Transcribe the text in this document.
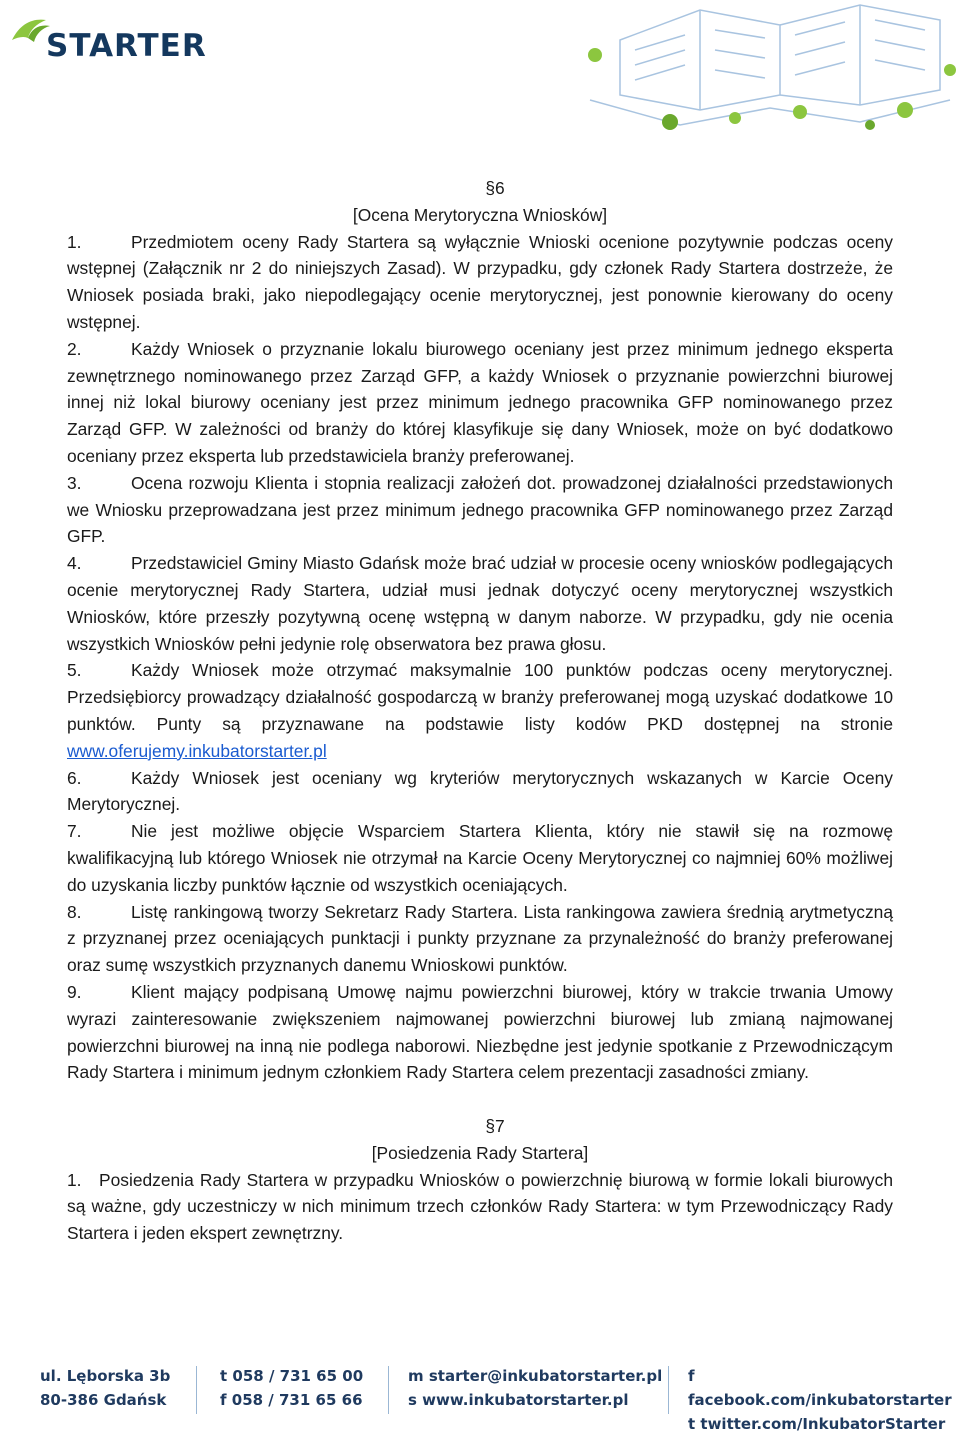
STARTER
§6
[Ocena Merytoryczna Wniosków]

1.	Przedmiotem oceny Rady Startera są wyłącznie Wnioski ocenione pozytywnie podczas oceny wstępnej (Załącznik nr 2 do niniejszych Zasad). W przypadku, gdy członek Rady Startera dostrzeże, że Wniosek posiada braki, jako niepodlegający ocenie merytorycznej, jest ponownie kierowany do oceny wstępnej.

2.	Każdy Wniosek o przyznanie lokalu biurowego oceniany jest przez minimum jednego eksperta zewnętrznego nominowanego przez Zarząd GFP, a każdy Wniosek o przyznanie powierzchni biurowej innej niż lokal biurowy oceniany jest przez minimum jednego pracownika GFP nominowanego przez Zarząd GFP. W zależności od branży do której klasyfikuje się dany Wniosek, może on być dodatkowo oceniany przez eksperta lub przedstawiciela branży preferowanej.

3.	Ocena rozwoju Klienta i stopnia realizacji założeń dot. prowadzonej działalności przedstawionych we Wniosku przeprowadzana jest przez minimum jednego pracownika GFP nominowanego przez Zarząd GFP.

4.	Przedstawiciel Gminy Miasto Gdańsk może brać udział w procesie oceny wniosków podlegających ocenie merytorycznej Rady Startera, udział musi jednak dotyczyć oceny merytorycznej wszystkich Wniosków, które przeszły pozytywną ocenę wstępną w danym naborze. W przypadku, gdy nie ocenia wszystkich Wniosków pełni jedynie rolę obserwatora bez prawa głosu.

5.	Każdy Wniosek może otrzymać maksymalnie 100 punktów podczas oceny merytorycznej. Przedsiębiorcy prowadzący działalność gospodarczą w branży preferowanej mogą uzyskać dodatkowe 10 punktów. Punty są przyznawane na podstawie listy kodów PKD dostępnej na stronie www.oferujemy.inkubatorstarter.pl

6.	Każdy Wniosek jest oceniany wg kryteriów merytorycznych wskazanych w Karcie Oceny Merytorycznej.

7.	Nie jest możliwe objęcie Wsparciem Startera Klienta, który nie stawił się na rozmowę kwalifikacyjną lub którego Wniosek nie otrzymał na Karcie Oceny Merytorycznej co najmniej 60% możliwej do uzyskania liczby punktów łącznie od wszystkich oceniających.

8.	Listę rankingową tworzy Sekretarz Rady Startera. Lista rankingowa zawiera średnią arytmetyczną z przyznanej przez oceniających punktacji i punkty przyznane za przynależność do branży preferowanej oraz sumę wszystkich przyznanych danemu Wnioskowi punktów.

9.	Klient mający podpisaną Umowę najmu powierzchni biurowej, który w trakcie trwania Umowy wyrazi zainteresowanie zwiększeniem najmowanej powierzchni biurowej lub zmianą najmowanej powierzchni biurowej na inną nie podlega naborowi. Niezbędne jest jedynie spotkanie z Przewodniczącym Rady Startera i minimum jednym członkiem Rady Startera celem prezentacji zasadności zmiany.

§7
[Posiedzenia Rady Startera]

1. Posiedzenia Rady Startera w przypadku Wniosków o powierzchnię biurową w formie lokali biurowych są ważne, gdy uczestniczy w nich minimum trzech członków Rady Startera: w tym Przewodniczący Rady Startera i jeden ekspert zewnętrzny.

ul. Lęborska 3b
80-386 Gdańsk
t 058 / 731 65 00
f 058 / 731 65 66
m starter@inkubatorstarter.pl
s www.inkubatorstarter.pl
f facebook.com/inkubatorstarter
t twitter.com/InkubatorStarter
